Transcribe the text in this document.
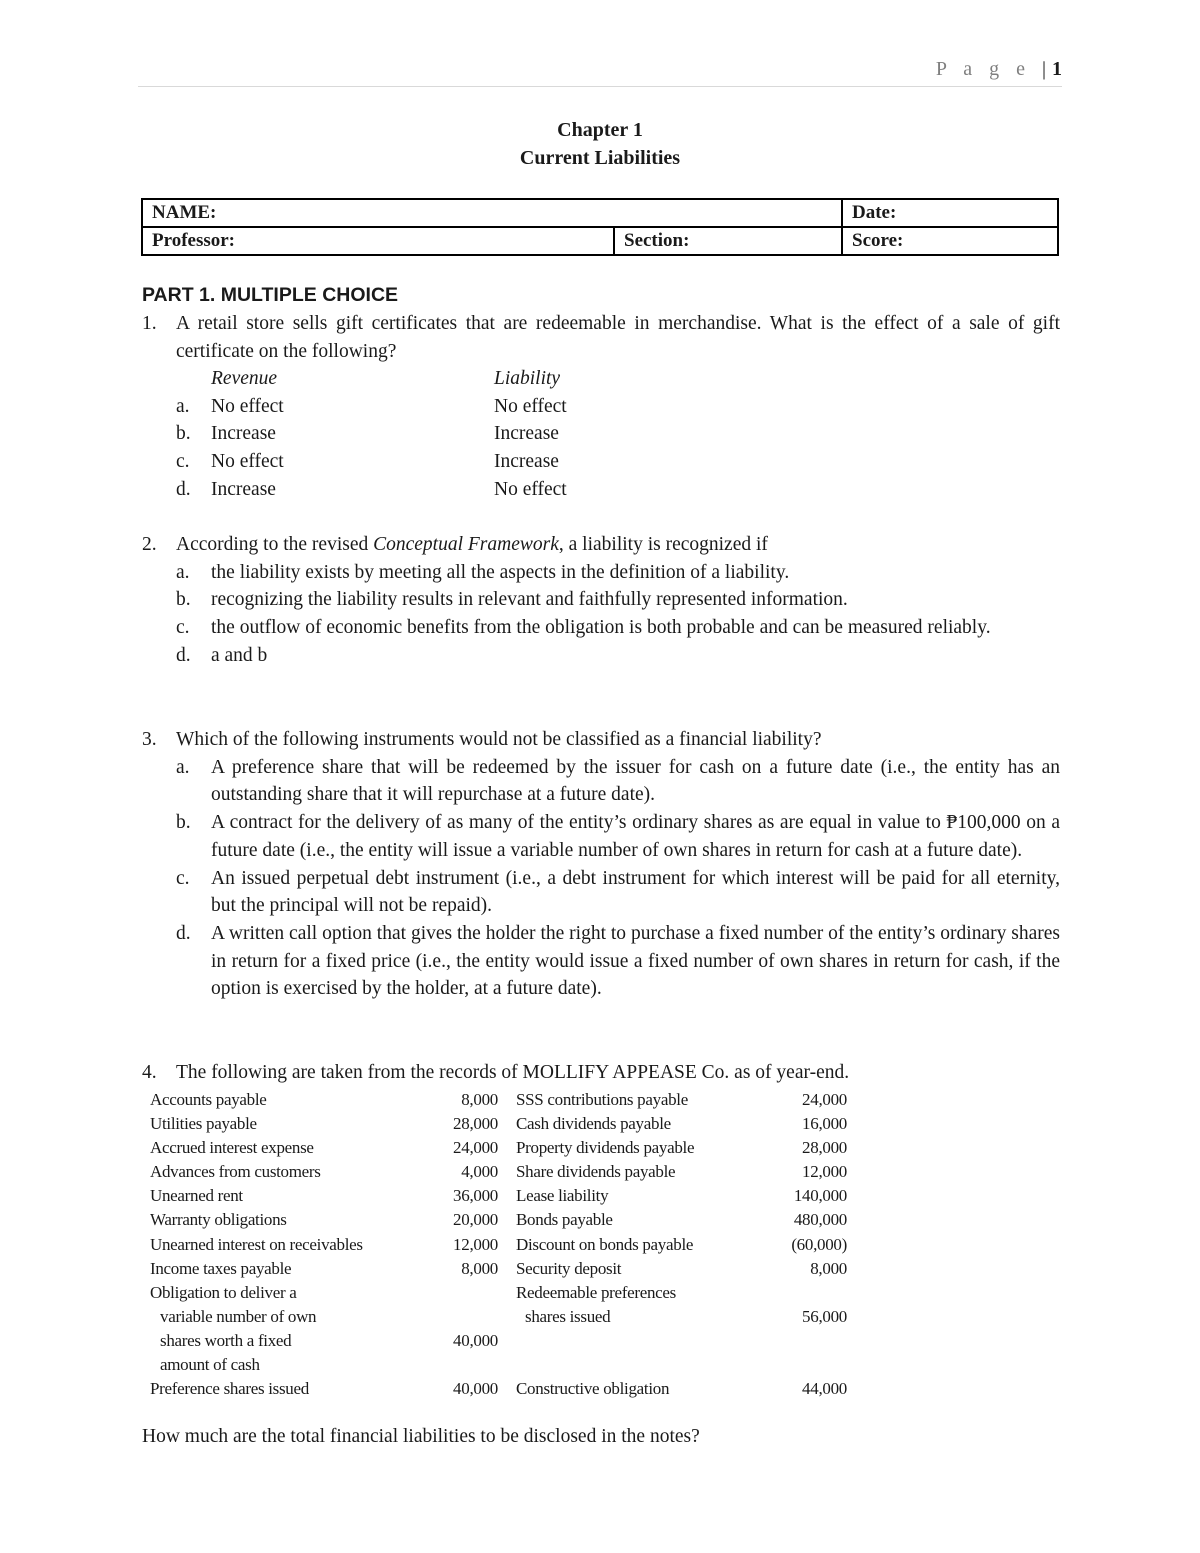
P a g e | 1
Chapter 1
Current Liabilities
NAME:		Date:
Professor:	Section:	Score:
PART 1. MULTIPLE CHOICE
1. A retail store sells gift certificates that are redeemable in merchandise. What is the effect of a sale of gift certificate on the following?
Revenue	Liability
a. No effect	No effect
b. Increase	Increase
c. No effect	Increase
d. Increase	No effect
2. According to the revised Conceptual Framework, a liability is recognized if
a. the liability exists by meeting all the aspects in the definition of a liability.
b. recognizing the liability results in relevant and faithfully represented information.
c. the outflow of economic benefits from the obligation is both probable and can be measured reliably.
d. a and b
3. Which of the following instruments would not be classified as a financial liability?
a. A preference share that will be redeemed by the issuer for cash on a future date (i.e., the entity has an outstanding share that it will repurchase at a future date).
b. A contract for the delivery of as many of the entity’s ordinary shares as are equal in value to ₱100,000 on a future date (i.e., the entity will issue a variable number of own shares in return for cash at a future date).
c. An issued perpetual debt instrument (i.e., a debt instrument for which interest will be paid for all eternity, but the principal will not be repaid).
d. A written call option that gives the holder the right to purchase a fixed number of the entity’s ordinary shares in return for a fixed price (i.e., the entity would issue a fixed number of own shares in return for cash, if the option is exercised by the holder, at a future date).
4. The following are taken from the records of MOLLIFY APPEASE Co. as of year-end.
Accounts payable	8,000	SSS contributions payable	24,000
Utilities payable	28,000	Cash dividends payable	16,000
Accrued interest expense	24,000	Property dividends payable	28,000
Advances from customers	4,000	Share dividends payable	12,000
Unearned rent	36,000	Lease liability	140,000
Warranty obligations	20,000	Bonds payable	480,000
Unearned interest on receivables	12,000	Discount on bonds payable	(60,000)
Income taxes payable	8,000	Security deposit	8,000
Obligation to deliver a		Redeemable preferences	
variable number of own		shares issued	56,000
shares worth a fixed	40,000		
amount of cash			
Preference shares issued	40,000	Constructive obligation	44,000
How much are the total financial liabilities to be disclosed in the notes?
